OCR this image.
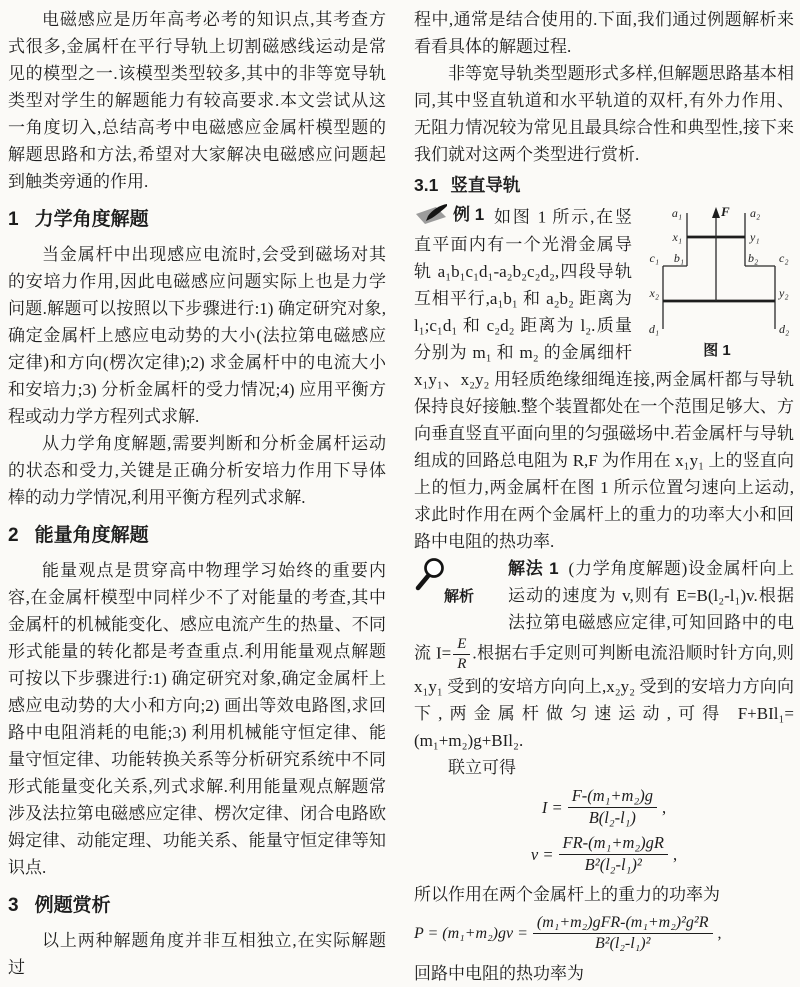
电磁感应是历年高考必考的知识点,其考查方式很多,金属杆在平行导轨上切割磁感线运动是常见的模型之一.该模型类型较多,其中的非等宽导轨类型对学生的解题能力有较高要求.本文尝试从这一角度切入,总结高考中电磁感应金属杆模型题的解题思路和方法,希望对大家解决电磁感应问题起到触类旁通的作用.

1 力学角度解题

当金属杆中出现感应电流时,会受到磁场对其的安培力作用,因此电磁感应问题实际上也是力学问题.解题可以按照以下步骤进行:1) 确定研究对象,确定金属杆上感应电动势的大小(法拉第电磁感应定律)和方向(楞次定律);2) 求金属杆中的电流大小和安培力;3) 分析金属杆的受力情况;4) 应用平衡方程或动力学方程列式求解.

从力学角度解题,需要判断和分析金属杆运动的状态和受力,关键是正确分析安培力作用下导体棒的动力学情况,利用平衡方程列式求解.

2 能量角度解题

能量观点是贯穿高中物理学习始终的重要内容,在金属杆模型中同样少不了对能量的考查,其中金属杆的机械能变化、感应电流产生的热量、不同形式能量的转化都是考查重点.利用能量观点解题可按以下步骤进行:1) 确定研究对象,确定金属杆上感应电动势的大小和方向;2) 画出等效电路图,求回路中电阻消耗的电能;3) 利用机械能守恒定律、能量守恒定律、功能转换关系等分析研究系统中不同形式能量变化关系,列式求解.利用能量观点解题常涉及法拉第电磁感应定律、楞次定律、闭合电路欧姆定律、动能定理、功能关系、能量守恒定律等知识点.

3 例题赏析

以上两种解题角度并非互相独立,在实际解题过

程中,通常是结合使用的.下面,我们通过例题解析来看看具体的解题过程.

非等宽导轨类型题形式多样,但解题思路基本相同,其中竖直轨道和水平轨道的双杆,有外力作用、无阻力情况较为常见且最具综合性和典型性,接下来我们就对这两个类型进行赏析.

3.1 竖直导轨
a₁	F a₂
x₁	y₁
b₁	b₂
c₁	c₂
x₂	y₂
d₁	d₂
图 1

例 1 如图 1 所示,在竖直平面内有一个光滑金属导轨 a₁b₁c₁d₁-a₂b₂c₂d₂,四段导轨互相平行,a₁b₁ 和 a₂b₂ 距离为 l₁;c₁d₁ 和 c₂d₂ 距离为 l₂.质量分别为 m₁ 和 m₂ 的金属细杆 x₁y₁、x₂y₂ 用轻质绝缘细绳连接,两金属杆都与导轨保持良好接触.整个装置都处在一个范围足够大、方向垂直竖直平面向里的匀强磁场中.若金属杆与导轨组成的回路总电阻为 R,F 为作用在 x₁y₁ 上的竖直向上的恒力,两金属杆在图 1 所示位置匀速向上运动,求此时作用在两个金属杆上的重力的功率大小和回路中电阻的热功率.

解析

解法 1 (力学角度解题)设金属杆向上运动的速度为 v,则有 E=B(l₂-l₁)v.根据法拉第电磁感应定律,可知回路中的电流 $I= \frac{E}{R}$ .根据右手定则可判断电流沿顺时针方向,则 x₁y₁ 受到的安培方向向上,x₂y₂ 受到的安培力方向向下,两金属杆做匀速运动,可得 F+BIl₁=(m₁+m₂)g+BIl₂.

联立可得

$I = \frac{\text{F-(m₁+m₂)g}}{\text{B(l₂-l₁)}}$ ,
$v = \frac{\text{FR-(m₁+m₂)gR}}{\text{B²(l₂-l₁)²}}$ ,

所以作用在两个金属杆上的重力的功率为

$P = (m_1+m_2)gv = \frac{\text{(m₁+m₂)gFR-(m₁+m₂)²g²R}}{\text{B²(l₂-l₁)²}}$ ,

回路中电阻的热功率为
